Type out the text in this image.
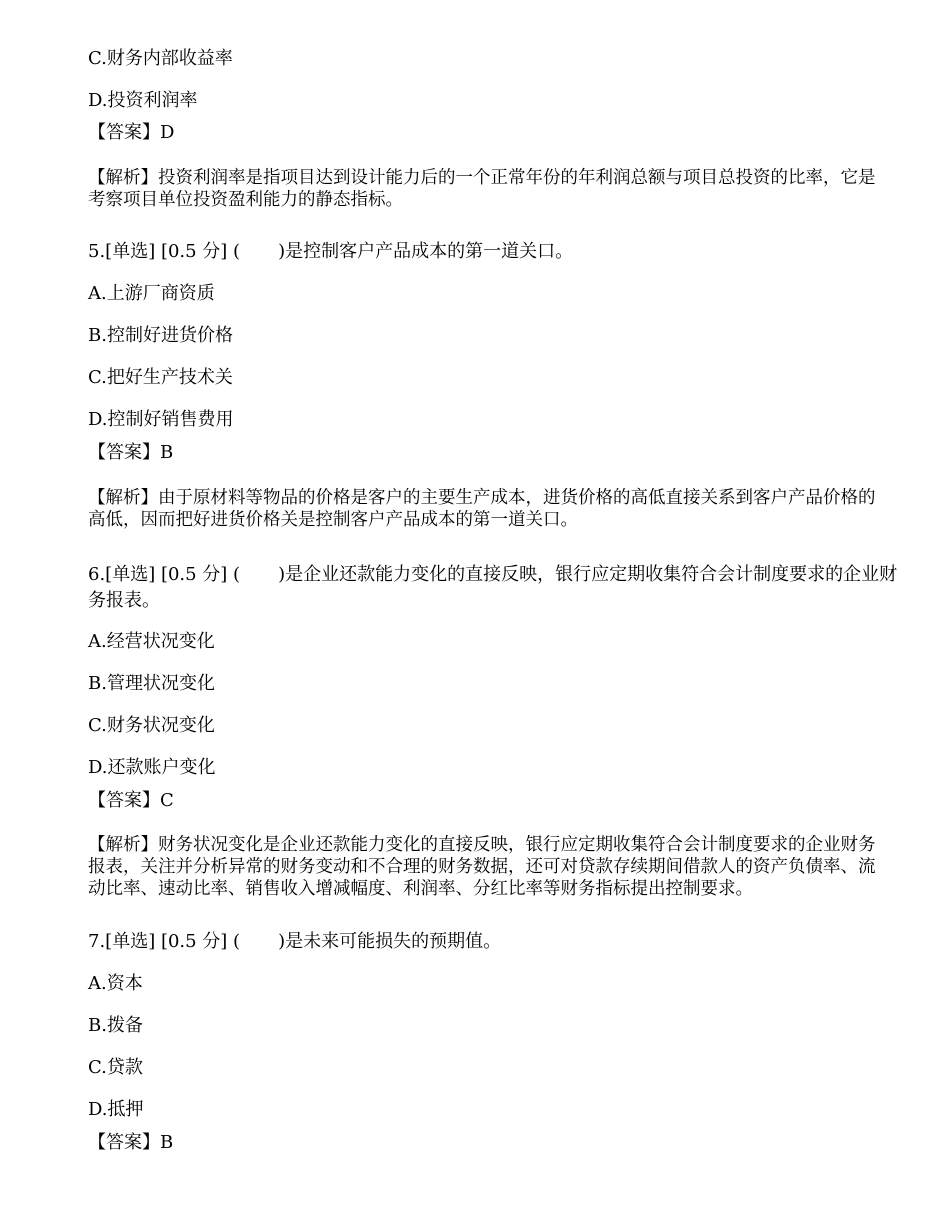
C.财务内部收益率
D.投资利润率
【答案】D
【解析】投资利润率是指项目达到设计能力后的一个正常年份的年利润总额与项目总投资的比率，它是考察项目单位投资盈利能力的静态指标。
5.[单选] [0.5 分] ( )是控制客户产品成本的第一道关口。
A.上游厂商资质
B.控制好进货价格
C.把好生产技术关
D.控制好销售费用
【答案】B
【解析】由于原材料等物品的价格是客户的主要生产成本，进货价格的高低直接关系到客户产品价格的高低，因而把好进货价格关是控制客户产品成本的第一道关口。
6.[单选] [0.5 分] ( )是企业还款能力变化的直接反映，银行应定期收集符合会计制度要求的企业财务报表。
A.经营状况变化
B.管理状况变化
C.财务状况变化
D.还款账户变化
【答案】C
【解析】财务状况变化是企业还款能力变化的直接反映，银行应定期收集符合会计制度要求的企业财务报表，关注并分析异常的财务变动和不合理的财务数据，还可对贷款存续期间借款人的资产负债率、流动比率、速动比率、销售收入增减幅度、利润率、分红比率等财务指标提出控制要求。
7.[单选] [0.5 分] ( )是未来可能损失的预期值。
A.资本
B.拨备
C.贷款
D.抵押
【答案】B
